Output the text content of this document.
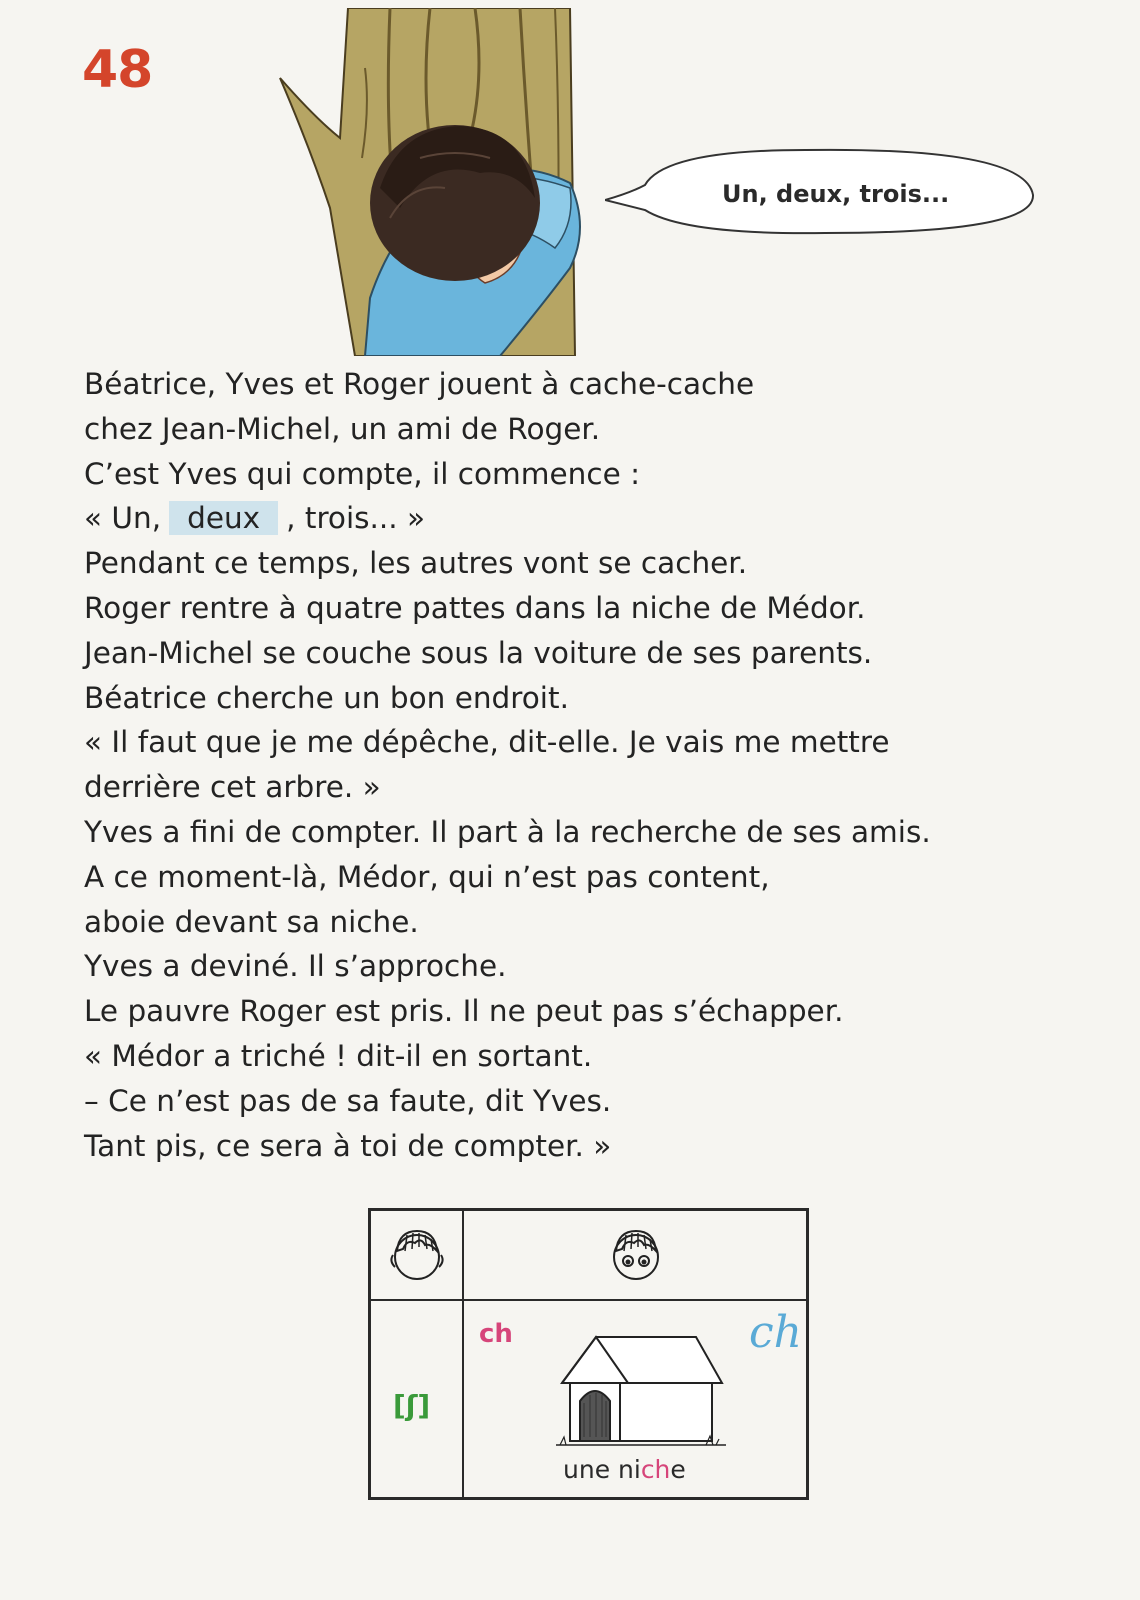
48
Un, deux, trois...
Béatrice, Yves et Roger jouent à cache-cache
chez Jean-Michel, un ami de Roger.
C’est Yves qui compte, il commence :
« Un, deux , trois... »
Pendant ce temps, les autres vont se cacher.
Roger rentre à quatre pattes dans la niche de Médor.
Jean-Michel se couche sous la voiture de ses parents.
Béatrice cherche un bon endroit.
« Il faut que je me dépêche, dit-elle. Je vais me mettre
derrière cet arbre. »
Yves a fini de compter. Il part à la recherche de ses amis.
A ce moment-là, Médor, qui n’est pas content,
aboie devant sa niche.
Yves a deviné. Il s’approche.
Le pauvre Roger est pris. Il ne peut pas s’échapper.
« Médor a triché ! dit-il en sortant.
– Ce n’est pas de sa faute, dit Yves.
Tant pis, ce sera à toi de compter. »
[ʃ]
ch	ch
une niche
